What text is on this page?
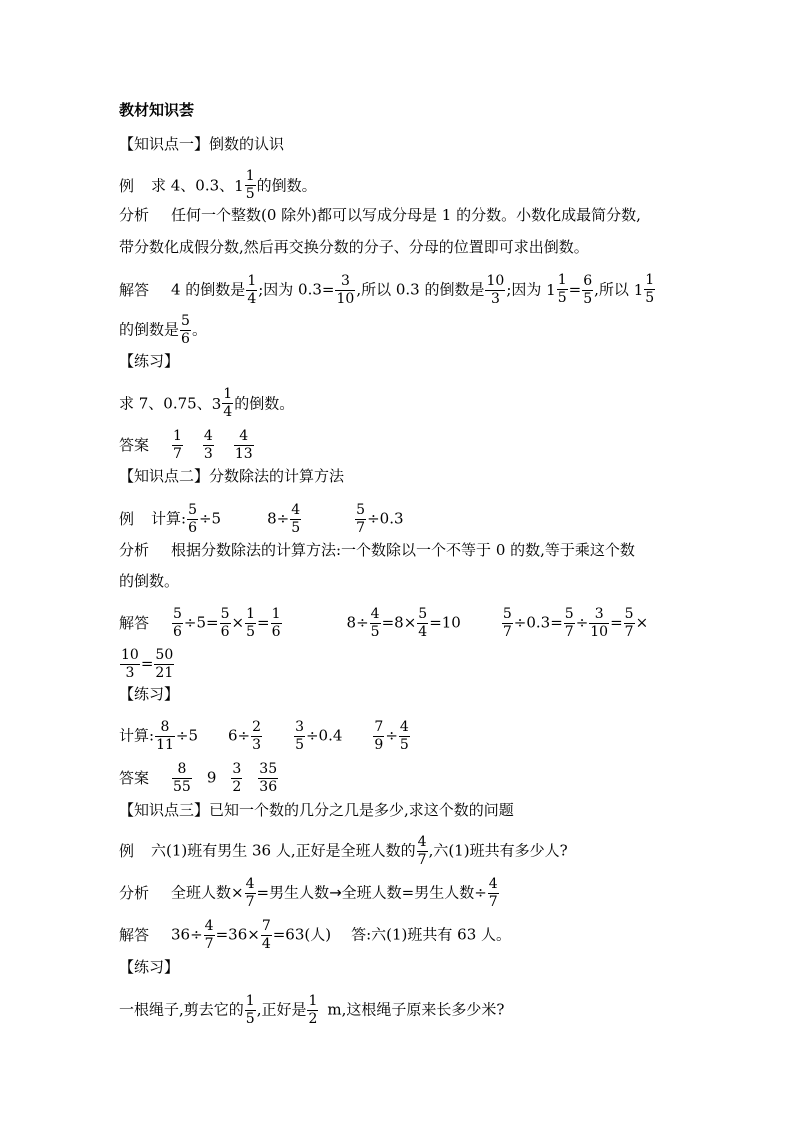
教材知识荟
【知识点一】倒数的认识
例 求 4、0.3、 $1 \frac{1}{5}$ 的倒数。
分析 任何一个整数(0 除外)都可以写成分母是 1 的分数。小数化成最简分数,
带分数化成假分数,然后再交换分数的分子、分母的位置即可求出倒数。
解答 4 的倒数是 $\frac{1}{4}$ ;因为 $0.3= \frac{3}{10}$ ,所以 0.3 的倒数是 $\frac{10}{3}$ ;因为 $1 \frac{1}{5} = \frac{6}{5}$ ,所以 $1 \frac{1}{5}$
的倒数是 $\frac{5}{6}$ 。
【练习】
求 7、0.75、 $3 \frac{1}{4}$ 的倒数。
答案 $\frac{1}{7} \frac{4}{3} \frac{4}{13}$
【知识点二】分数除法的计算方法
例 计算: $\frac{5}{6} \div 5$	$8\div \frac{4}{5}$	$\frac{5}{7} \div 0.3$
分析 根据分数除法的计算方法:一个数除以一个不等于 0 的数,等于乘这个数
的倒数。
解答 $\frac{5}{6} \div 5= \frac{5}{6} \times \frac{1}{5} = \frac{1}{6}$	$8\div \frac{4}{5} =8\times \frac{5}{4} =10$	$\frac{5}{7} \div 0.3= \frac{5}{7} \div \frac{3}{10} = \frac{5}{7}$ ×
$\frac{10}{3} = \frac{50}{21}$
【练习】
计算: $\frac{8}{11} \div 5$ $6\div \frac{2}{3} \frac{3}{5} \div 0.4 \frac{7}{9} \div \frac{4}{5}$
答案 $\frac{8}{55} 9 \frac{3}{2} \frac{35}{36}$
【知识点三】已知一个数的几分之几是多少,求这个数的问题
例 六(1)班有男生 36 人,正好是全班人数的 $\frac{4}{7}$ ,六(1)班共有多少人?
分析 全班人数× $\frac{4}{7}$ =男生人数→全班人数=男生人数÷ $\frac{4}{7}$
解答 $36\div \frac{4}{7} =36\times \frac{7}{4} =63$(人) 答:六(1)班共有 63 人。
【练习】
一根绳子,剪去它的 $\frac{1}{5}$ ,正好是 $\frac{1}{2} m$,这根绳子原来长多少米?
